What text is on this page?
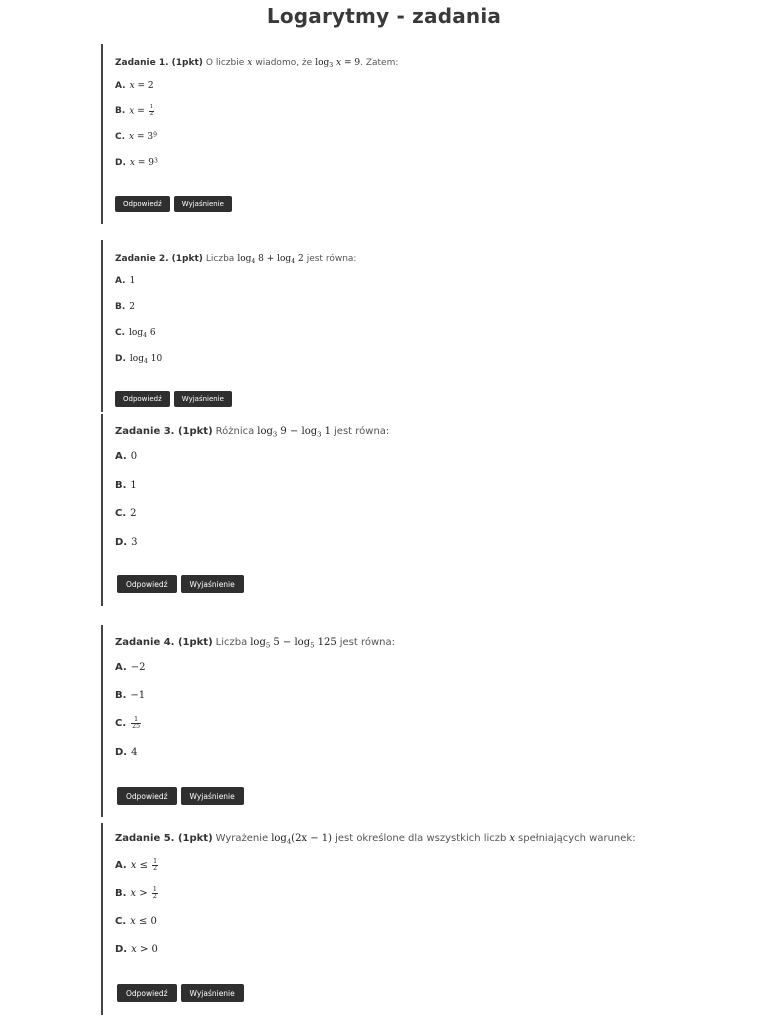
Logarytmy - zadania
Zadanie 1. (1pkt) O liczbie x wiadomo, że $\log_3 x = 9$ . Zatem:
A. x = 2
B. $x = \frac{1}{2}$
C. $x = 3^9$
D. $x = 9^3$
Odpowiedź	Wyjaśnienie
Zadanie 2. (1pkt) Liczba $\log_4 8 + \log_4 2$ jest równa:
A. 1
B. 2
C. $\log_4 6$
D. $\log_4 10$
Odpowiedź	Wyjaśnienie
Zadanie 3. (1pkt) Różnica $\log_3 9 - \log_3 1$ jest równa:
A. 0
B. 1
C. 2
D. 3
Odpowiedź	Wyjaśnienie
Zadanie 4. (1pkt) Liczba $\log_5 5 - \log_5 125$ jest równa:
A. −2
B. −1
C. $\frac{1}{25}$
D. 4
Odpowiedź	Wyjaśnienie
Zadanie 5. (1pkt) Wyrażenie $\log_4(2x - 1)$ jest określone dla wszystkich liczb x spełniających warunek:
A. $x \le \frac{1}{2}$
B. $x > \frac{1}{2}$
C. x ≤ 0
D. x > 0
Odpowiedź	Wyjaśnienie
